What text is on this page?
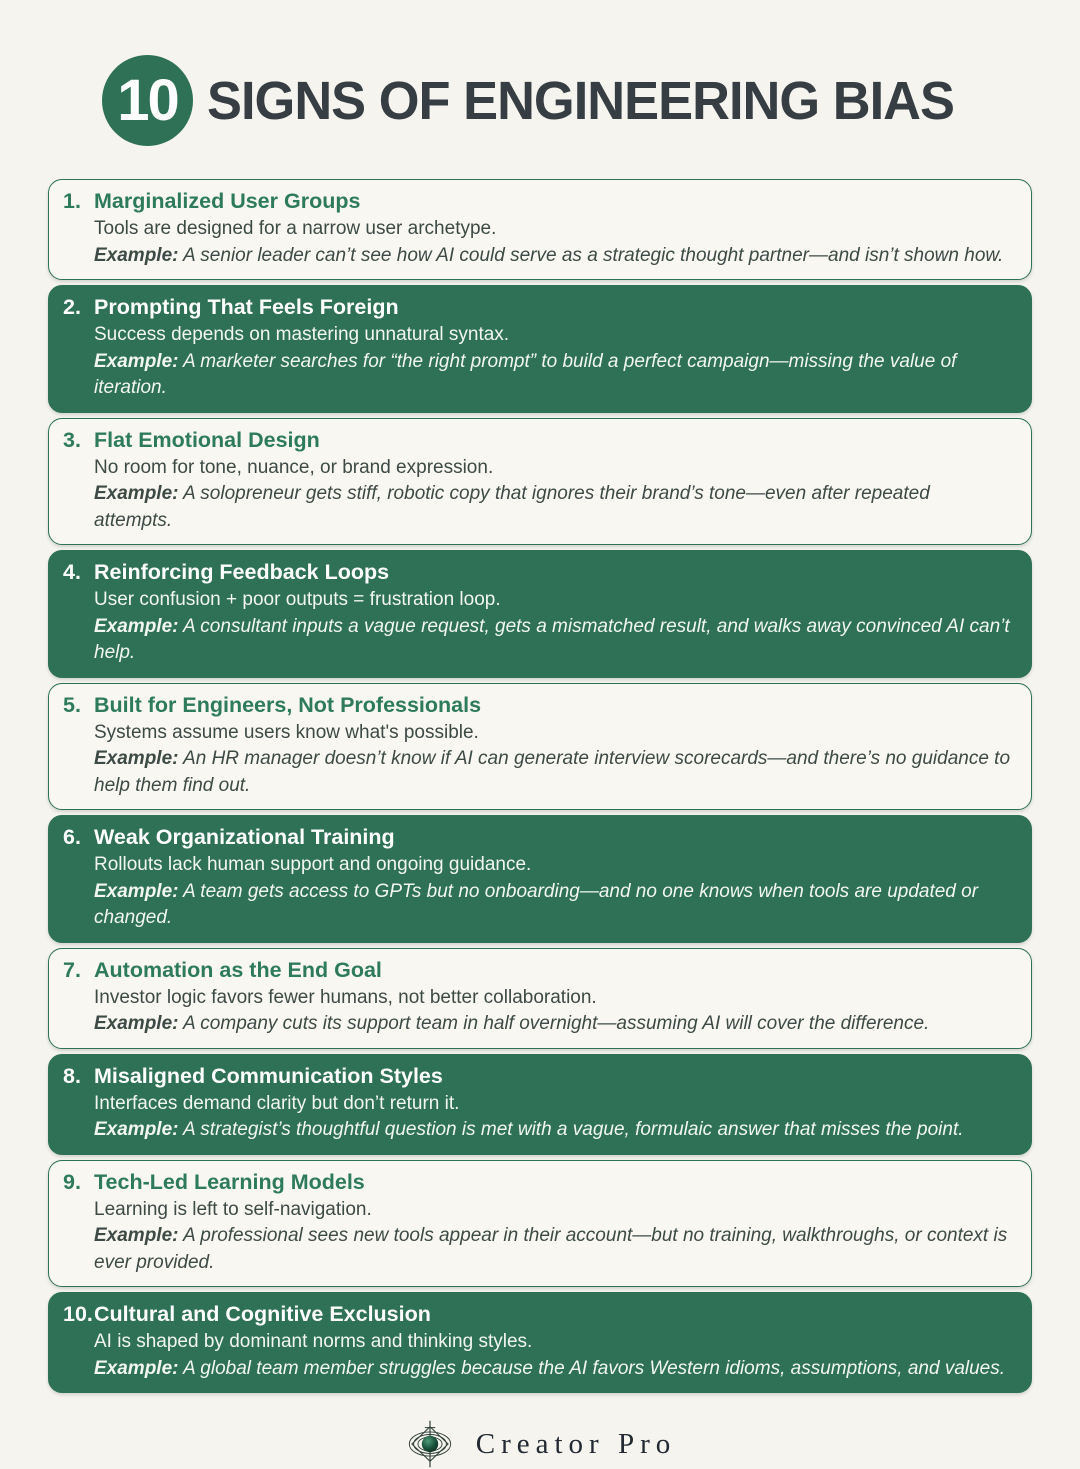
10 SIGNS OF ENGINEERING BIAS
1. Marginalized User Groups
Tools are designed for a narrow user archetype.
Example: A senior leader can’t see how AI could serve as a strategic thought partner—and isn’t shown how.
2. Prompting That Feels Foreign
Success depends on mastering unnatural syntax.
Example: A marketer searches for “the right prompt” to build a perfect campaign—missing the value of iteration.
3. Flat Emotional Design
No room for tone, nuance, or brand expression.
Example: A solopreneur gets stiff, robotic copy that ignores their brand’s tone—even after repeated attempts.
4. Reinforcing Feedback Loops
User confusion + poor outputs = frustration loop.
Example: A consultant inputs a vague request, gets a mismatched result, and walks away convinced AI can’t help.
5. Built for Engineers, Not Professionals
Systems assume users know what's possible.
Example: An HR manager doesn’t know if AI can generate interview scorecards—and there’s no guidance to help them find out.
6. Weak Organizational Training
Rollouts lack human support and ongoing guidance.
Example: A team gets access to GPTs but no onboarding—and no one knows when tools are updated or changed.
7. Automation as the End Goal
Investor logic favors fewer humans, not better collaboration.
Example: A company cuts its support team in half overnight—assuming AI will cover the difference.
8. Misaligned Communication Styles
Interfaces demand clarity but don’t return it.
Example: A strategist’s thoughtful question is met with a vague, formulaic answer that misses the point.
9. Tech-Led Learning Models
Learning is left to self-navigation.
Example: A professional sees new tools appear in their account—but no training, walkthroughs, or context is ever provided.
10. Cultural and Cognitive Exclusion
AI is shaped by dominant norms and thinking styles.
Example: A global team member struggles because the AI favors Western idioms, assumptions, and values.
Creator Pro
